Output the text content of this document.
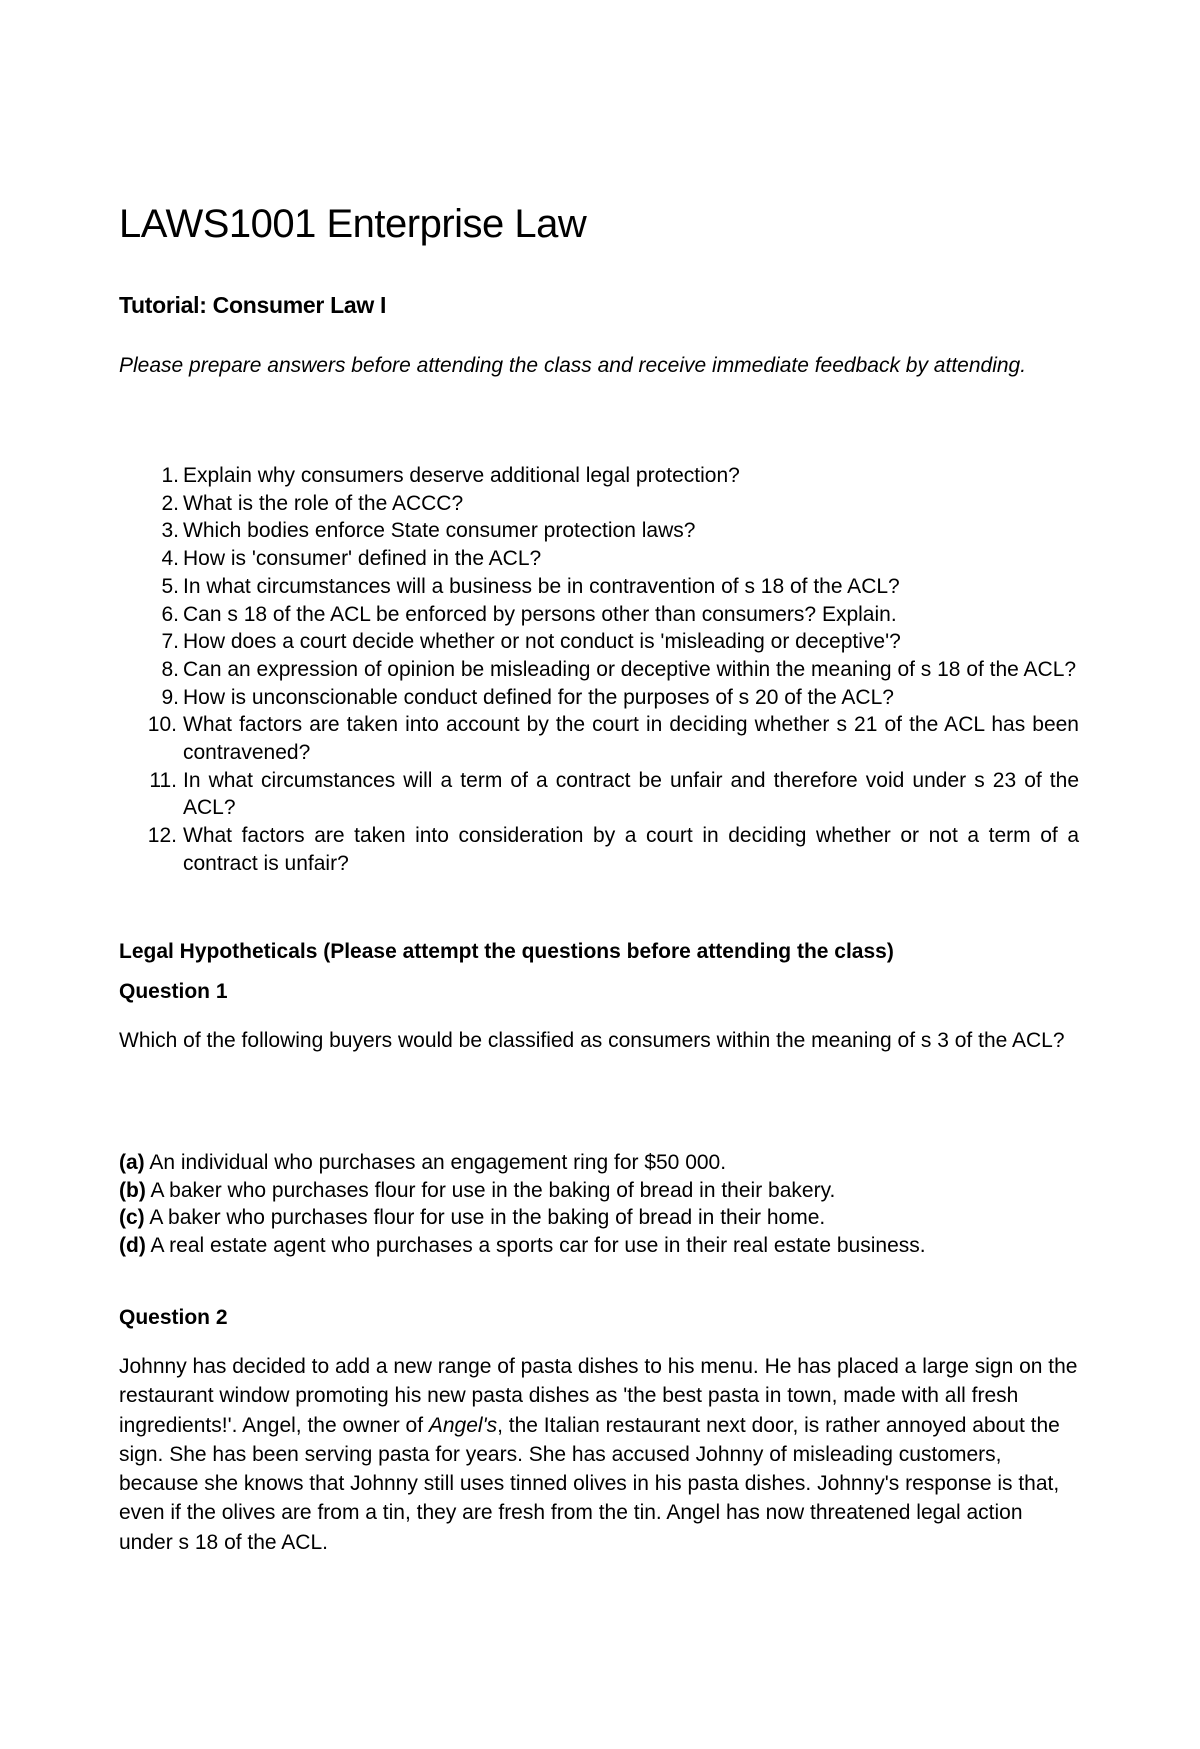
LAWS1001 Enterprise Law
Tutorial: Consumer Law I

Please prepare answers before attending the class and receive immediate feedback by attending.

1. Explain why consumers deserve additional legal protection?
2. What is the role of the ACCC?
3. Which bodies enforce State consumer protection laws?
4. How is 'consumer' defined in the ACL?
5. In what circumstances will a business be in contravention of s 18 of the ACL?
6. Can s 18 of the ACL be enforced by persons other than consumers? Explain.
7. How does a court decide whether or not conduct is 'misleading or deceptive'?
8. Can an expression of opinion be misleading or deceptive within the meaning of s 18 of the ACL?
9. How is unconscionable conduct defined for the purposes of s 20 of the ACL?
10. What factors are taken into account by the court in deciding whether s 21 of the ACL has been contravened?
11. In what circumstances will a term of a contract be unfair and therefore void under s 23 of the ACL?
12. What factors are taken into consideration by a court in deciding whether or not a term of a contract is unfair?
Legal Hypotheticals (Please attempt the questions before attending the class)
Question 1

Which of the following buyers would be classified as consumers within the meaning of s 3 of the ACL?

(a) An individual who purchases an engagement ring for $50 000.
(b) A baker who purchases flour for use in the baking of bread in their bakery.
(c) A baker who purchases flour for use in the baking of bread in their home.
(d) A real estate agent who purchases a sports car for use in their real estate business.
Question 2

Johnny has decided to add a new range of pasta dishes to his menu. He has placed a large sign on the restaurant window promoting his new pasta dishes as 'the best pasta in town, made with all fresh ingredients!'. Angel, the owner of Angel's, the Italian restaurant next door, is rather annoyed about the sign. She has been serving pasta for years. She has accused Johnny of misleading customers, because she knows that Johnny still uses tinned olives in his pasta dishes. Johnny's response is that, even if the olives are from a tin, they are fresh from the tin. Angel has now threatened legal action under s 18 of the ACL.
